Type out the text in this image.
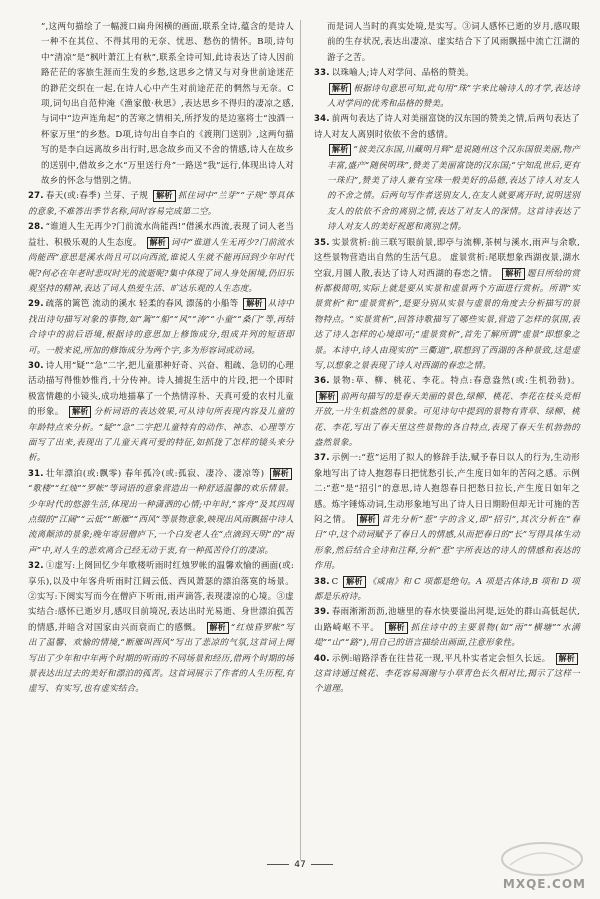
”,这两句描绘了一幅渡口扁舟闲横的画面,联系全诗,蕴含的是诗人一种不在其位、不得其用的无奈、忧思、愁伤的情怀。B项,诗句中“清凉”是“枫叶萧江上有秋”,联系全诗可知,此诗表达了诗人因前路茫茫的客旅生涯而生发的乡愁,这思乡之情又与对身世前途迷茫的渺茫交织在一起,在诗人心中产生对前途茫茫的惘然与无奈。C项,词句出自范仲淹《渔家傲·秋思》,表达思乡不得归的凄凉之感,与词中“边声连角起”的苦寒之情相关,所抒发的是边塞将士“浊酒一杯家万里”的乡愁。D项,诗句出自李白的《渡荆门送别》,这两句描写的是李白远离故乡出行时,思念故乡而又不舍的情感,诗人在故乡的送别中,借故乡之水“万里送行舟”一路送“我”远行,体现出诗人对故乡的怀念与惜别之情。

27. 春天(或:春季) 兰芽、子规 解析 抓住词中“兰芽”“子规”等具体的意象,不难答出季节名称,同时容易完成第二空。

28. “谁道人生无再少?门前流水尚能西!”借溪水西流,表现了词人老当益壮、积极乐观的人生态度。 解析 词中“谁道人生无再少?门前流水尚能西”意思是溪水尚且可以向西流,谁说人生就不能再回到少年时代呢?何必在年老时悲叹时光的流逝呢?集中体现了词人身处困境,仍旧乐观坚持的精神,表达了词人热爱生活、旷达乐观的人生态度。

29. 疏落的篱笆 流动的溪水 轻柔的春风 漂荡的小船等 解析 从诗中找出诗句描写对象的事物,如“篱”“船”“风”“涛”“小童”“桑门”等,再结合诗中的前后语境,根据诗的意思加上修饰成分,组成并列的短语即可。一般来说,所加的修饰成分为两个字,多为形容词或动词。

30. 诗人用“疑”“急”二字,把儿童那种好奇、兴奋、粗疏、急切的心理活动描写得惟妙惟肖,十分传神。诗人捕捉生活中的片段,把一个即时极富情趣的小镜头,成功地描摹了一个热情淳朴、天真可爱的农村儿童的形象。 解析 分析词语的表达效果,可从诗句所表现内容及儿童的年龄特点来分析。“疑”“急”二字把儿童特有的动作、神态、心理等方面写了出来,表现出了儿童天真可爱的特征,如抓拢了怎样的镜头来分析。

31. 壮年漂泊(或:飘零) 春年孤冷(或:孤寂、凄冷、凄凉等) 解析“歌楼”“红烛”“罗帐”等词语的意象营造出一种舒适温馨的欢乐情景。少年时代的悠游生活,体现出一种潇洒的心情;中年时,“客舟”及其四周点缀的“江阔”“云低”“断雁”“西风”等景物意象,映现出风雨飘摇中诗人流离颠沛的景象;晚年寄居僧庐下,一个白发老人在“点滴到天明”的“雨声”中,对人生的悲欢离合已经无动于衷,有一种孤苦伶仃的凄凉。

32. ①虚写:上阕回忆少年歌楼听雨时红烛罗帐的温馨欢愉的画面(或:享乐),以及中年客舟听雨时江阔云低、西风萧瑟的漂泊落寞的场景。②实写:下阕实写而今在僧庐下听雨,雨声滴答,表现凄凉的心境。③虚实结合:感怀已逝岁月,感叹目前境况,表达出时光易逝、身世漂泊孤苦的情感,并暗含对国家由兴而衰而亡的感慨。 解析 “红烛昏罗帐”写出了温馨、欢愉的情境,“断雁叫西风”写出了悲凉的气氛,这首词上阕写出了少年和中年两个时期的听雨的不同场景和经历,借两个时期的场景表达出过去的美好和漂泊的孤苦。这首词展示了作者的人生历程,有虚写、有实写,也有虚实结合。

而是词人当时的真实处境,是实写。③词人感怀已逝的岁月,感叹眼前的生存状况,表达出凄凉、虚实结合下了风雨飘摇中流亡江湖的游子之苦。

33. 以珠喻人;诗人对学问、品格的赞美。

解析 根据诗句意思可知,此句用“珠”字来比喻诗人的才学,表达诗人对学问的优秀和品格的赞美。

34. 前两句表达了诗人对美丽富饶的汉东国的赞美之情,后两句表达了诗人对友人离别时依依不舍的感情。

解析 “彼美汉东国,川藏明月辉”是说随州这个汉东国很美丽,物产丰富,盛产“随侯明珠”,赞美了美丽富饶的汉东国;“宁知乱世后,更有一珠归”,赞美了诗人兼有宝珠一般美好的品德,表达了诗人对友人的不舍之情。后两句写作者送别友人,在友人就要离开时,说明送别友人的依依不舍的离别之情,表达了对友人的深情。这首诗表达了诗人对友人的美好祝愿和离别之情。

35. 实景赏析:前三联写眼前景,即亭与流柳,茶树与溪水,雨声与余歌,这些景物营造出自然的生活气息。 虚景赏析:尾联想象西湖夜景,湖水空寂,月圆人散,表达了诗人对西湖的春恋之情。 解析 题目所给的赏析都极简明,实际上就是要从实景和虚景两个方面进行赏析。所谓“实景赏析”和“虚景赏析”,是要分别从实景与虚景的角度去分析描写的景物特点。“实景赏析”,回答诗歌描写了哪些实景,营造了怎样的氛围,表达了诗人怎样的心境即可;“虚景赏析”,首先了解所谓“虚景”即想象之景。本诗中,诗人由现实的“三衢道”,联想到了西湖的各种景致,这是虚写,以想象之景表现了诗人对西湖的春恋之情。

36. 景物:草、柳、桃花、李花。特点:春意盎然(或:生机勃勃)。 解析 前两句描写的是春天美丽的景色,绿柳、桃花、李花在枝头竞相开放,一片生机盎然的景象。可见诗句中提到的景物有青草、绿柳、桃花、李花,写出了春天里这些景物的各自特点,表现了春天生机勃勃的盎然景象。

37. 示例一:“惹”运用了拟人的修辞手法,赋予春日以人的行为,生动形象地写出了诗人抱怨春日把忧愁引长,产生度日如年的苦闷之感。示例二:“惹”是“招引”的意思,诗人抱怨春日把愁日拉长,产生度日如年之感。炼字锤炼动词,生动形象地写出了诗人日日期盼但却无计可施的苦闷之情。 解析 首先分析“惹”字的含义,即“招引”,其次分析在“春日”中,这个动词赋予了春日人的情感,从而把春日的“长”写得具体生动形象,然后结合全诗和注释,分析“惹”字所表达的诗人的情感和表达的作用。

38. C 解析 《咸南》和 C 项都是绝句。A 项是古体诗,B 项和 D 项都是乐府诗。

39. 春雨淅淅沥沥,池塘里的春水快要溢出河堤,远处的群山高低起伏,山路崎岖不平。 解析 抓住诗中的主要景物(如“雨”“横塘”“水满堤”“山”“路”),用自己的语言描绘出画面,注意形象性。

40. 示例:暗路浮香在往昔花一现,平凡朴实者定会恒久长远。 解析这首诗通过桃花、李花容易凋谢与小草青色长久相对比,揭示了这样一个道理。

47
MXQE.COM
